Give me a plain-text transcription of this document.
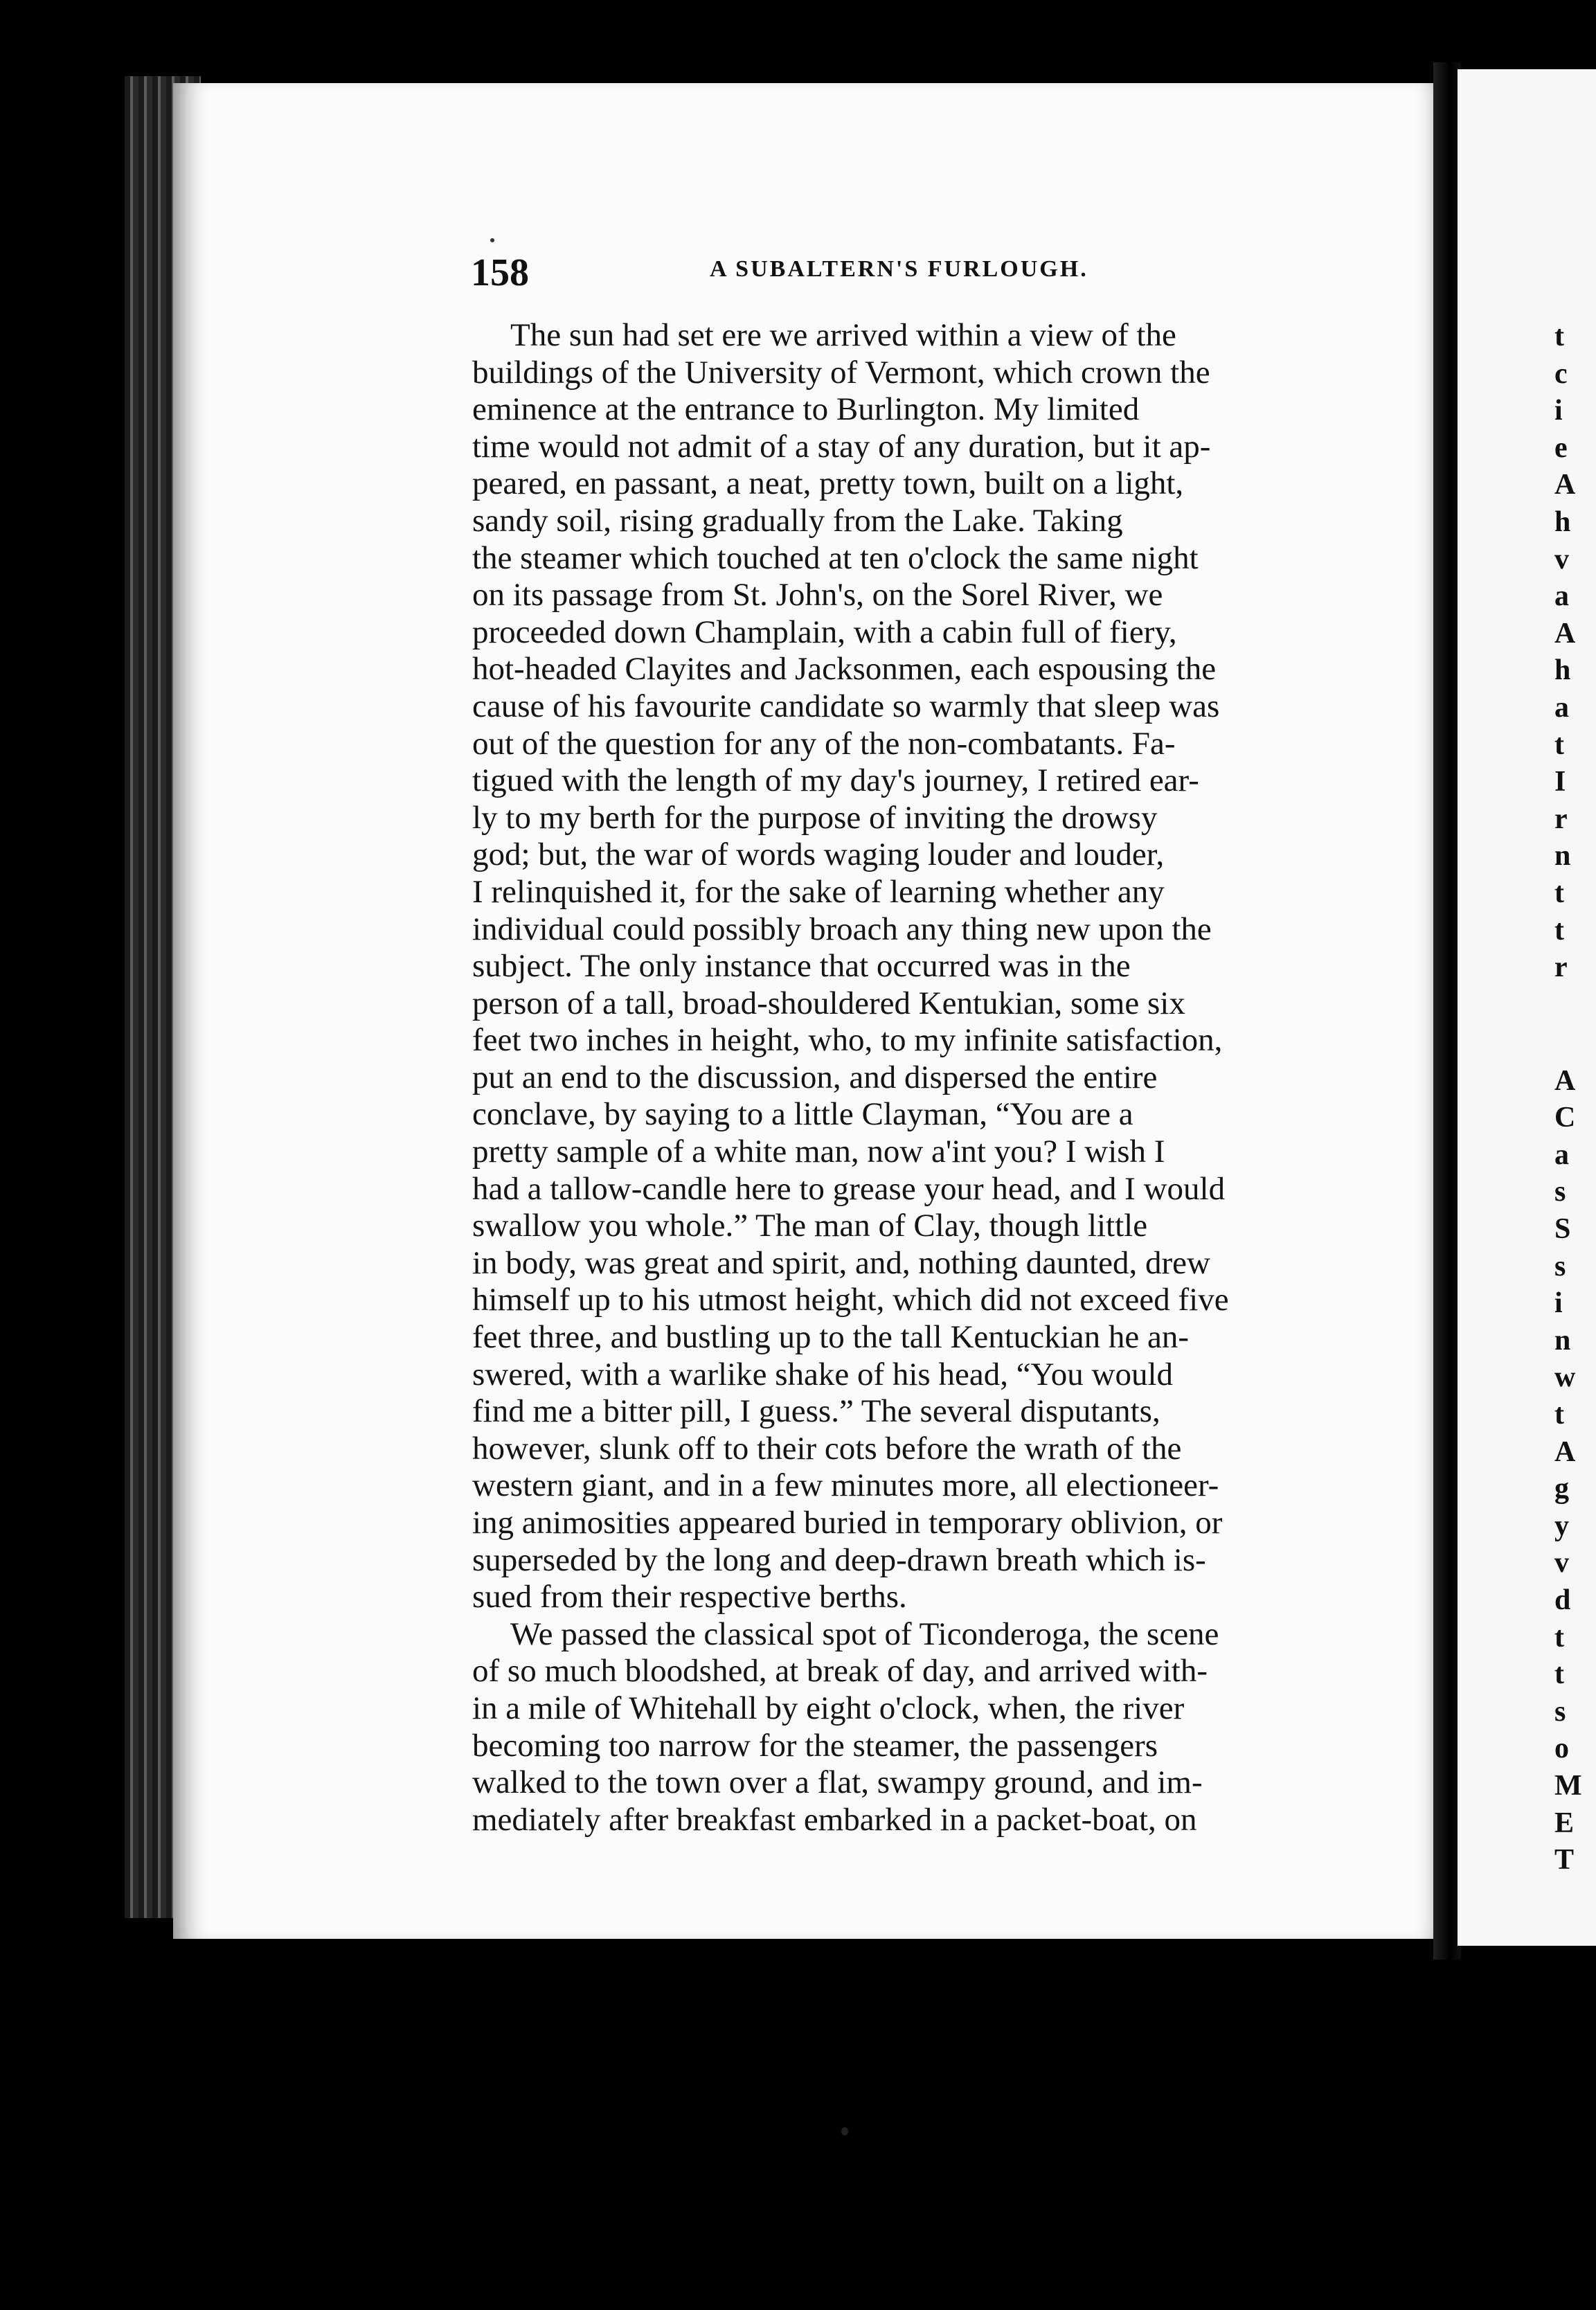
158	A SUBALTERN'S FURLOUGH.
The sun had set ere we arrived within a view of the
buildings of the University of Vermont, which crown the
eminence at the entrance to Burlington. My limited
time would not admit of a stay of any duration, but it ap-
peared, en passant, a neat, pretty town, built on a light,
sandy soil, rising gradually from the Lake. Taking
the steamer which touched at ten o'clock the same night
on its passage from St. John's, on the Sorel River, we
proceeded down Champlain, with a cabin full of fiery,
hot-headed Clayites and Jacksonmen, each espousing the
cause of his favourite candidate so warmly that sleep was
out of the question for any of the non-combatants. Fa-
tigued with the length of my day's journey, I retired ear-
ly to my berth for the purpose of inviting the drowsy
god; but, the war of words waging louder and louder,
I relinquished it, for the sake of learning whether any
individual could possibly broach any thing new upon the
subject. The only instance that occurred was in the
person of a tall, broad-shouldered Kentukian, some six
feet two inches in height, who, to my infinite satisfaction,
put an end to the discussion, and dispersed the entire
conclave, by saying to a little Clayman, “You are a
pretty sample of a white man, now a'int you? I wish I
had a tallow-candle here to grease your head, and I would
swallow you whole.” The man of Clay, though little
in body, was great and spirit, and, nothing daunted, drew
himself up to his utmost height, which did not exceed five
feet three, and bustling up to the tall Kentuckian he an-
swered, with a warlike shake of his head, “You would
find me a bitter pill, I guess.” The several disputants,
however, slunk off to their cots before the wrath of the
western giant, and in a few minutes more, all electioneer-
ing animosities appeared buried in temporary oblivion, or
superseded by the long and deep-drawn breath which is-
sued from their respective berths.
We passed the classical spot of Ticonderoga, the scene
of so much bloodshed, at break of day, and arrived with-
in a mile of Whitehall by eight o'clock, when, the river
becoming too narrow for the steamer, the passengers
walked to the town over a flat, swampy ground, and im-
mediately after breakfast embarked in a packet-boat, on
t
c
i
e
A
h
v
a
A
h
a
t
I
r
n
t
t
r
A
C
a
s
S
s
i
n
w
t
A
g
y
v
d
t
t
s
o
M
E
T
